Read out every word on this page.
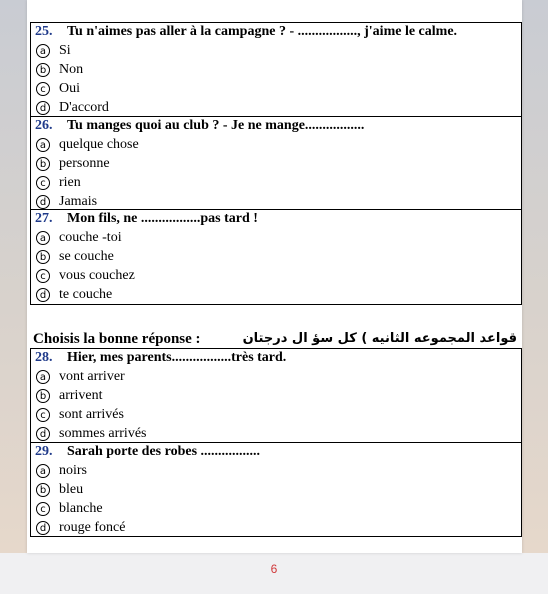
25. Tu n'aimes pas aller à la campagne ? - ................., j'aime le calme.
a Si
b Non
c Oui
d D'accord
26. Tu manges quoi au club ? - Je ne mange.................
a quelque chose
b personne
c rien
d Jamais
27. Mon fils, ne .................pas tard !
a couche -toi
b se couche
c vous couchez
d te couche
Choisis la bonne réponse :	قواعد المجموعه الثانيه ) كل سؤ ال درجتان
28. Hier, mes parents.................très tard.
a vont arriver
b arrivent
c sont arrivés
d sommes arrivés
29. Sarah porte des robes .................
a noirs
b bleu
c blanche
d rouge foncé
6
